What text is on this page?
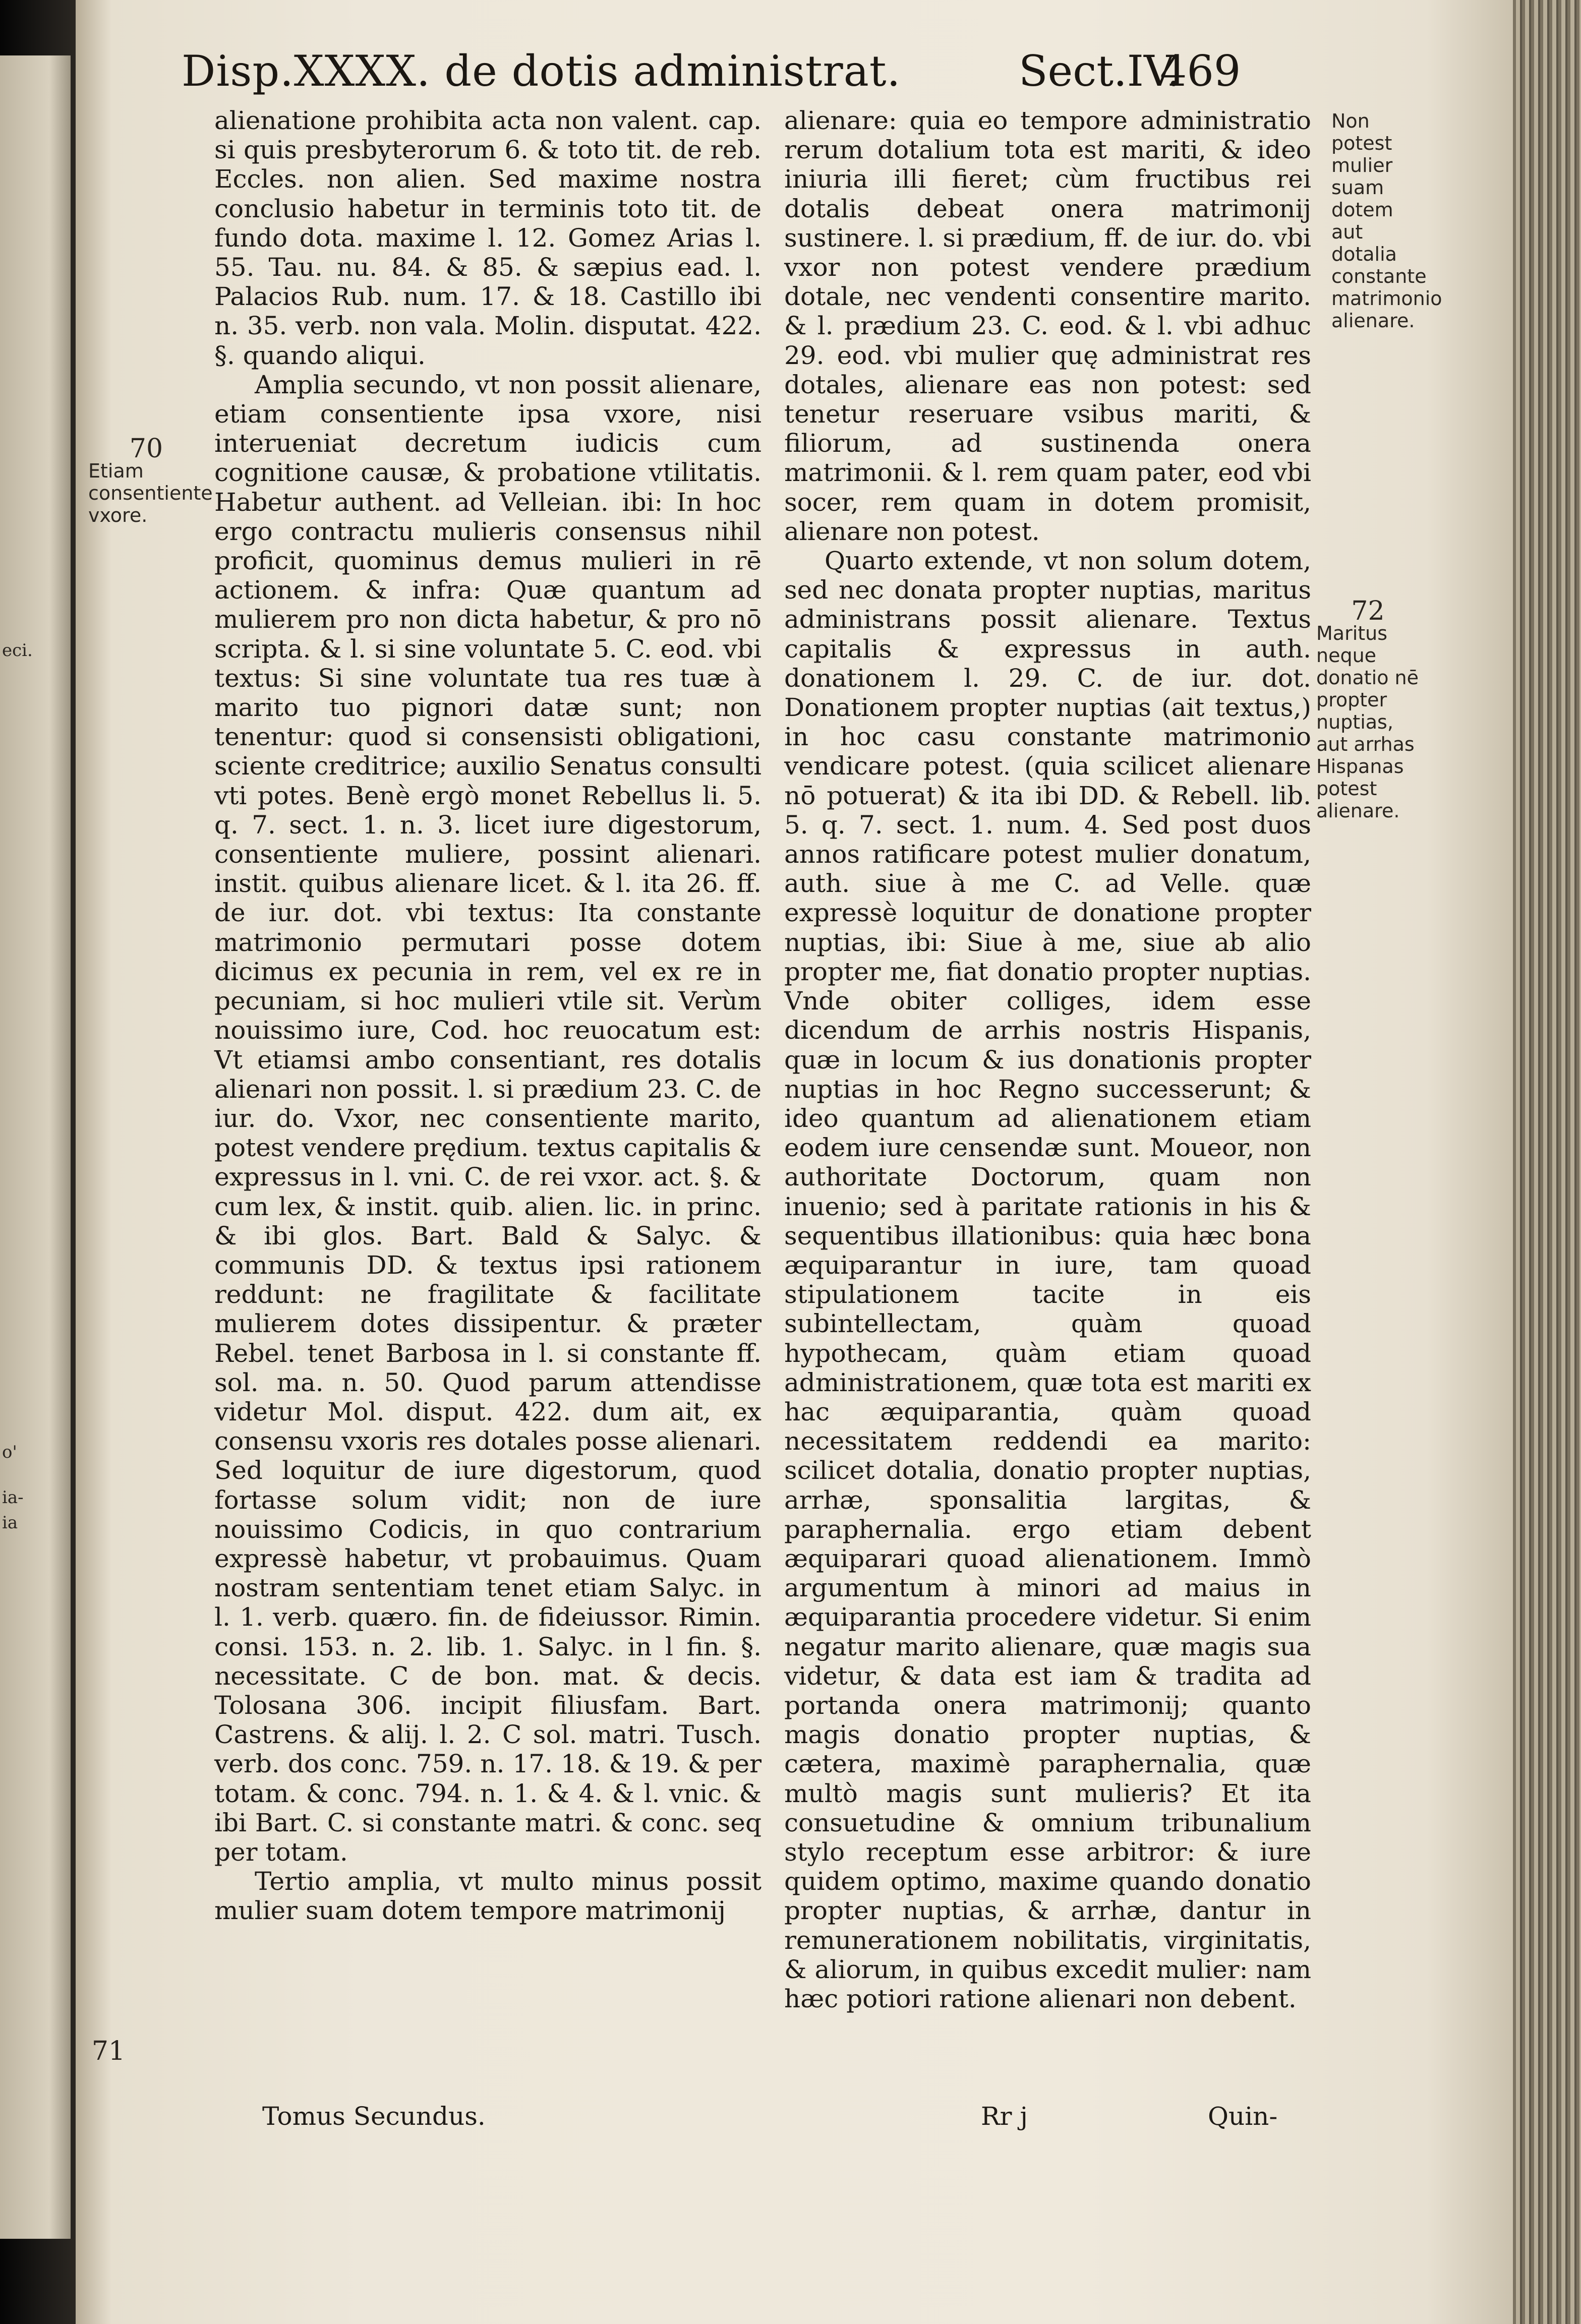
eci.
o'
ia-
ia
Disp.XXXX. de dotis administrat.	Sect.IV.
469
Non potest mulier suam dotem aut dotalia constante matrimonio alienare.
70
Etiam consentiente vxore.
72
Maritus neque donatio nē propter nuptias, aut arrhas Hispanas potest alienare.
71

alienatione prohibita acta non valent. cap. si quis presbyterorum 6. & toto tit. de reb. Eccles. non alien. Sed maxime nostra conclusio habetur in terminis toto tit. de fundo dota. maxime l. 12. Gomez Arias l. 55. Tau. nu. 84. & 85. & sæpius ead. l. Palacios Rub. num. 17. & 18. Castillo ibi n. 35. verb. non vala. Molin. disputat. 422. §. quando aliqui.

Amplia secundo, vt non possit alienare, etiam consentiente ipsa vxore, nisi interueniat decretum iudicis cum cognitione causæ, & probatione vtilitatis. Habetur authent. ad Velleian. ibi: In hoc ergo contractu mulieris consensus nihil proficit, quominus demus mulieri in rē actionem. & infra: Quæ quantum ad mulierem pro non dicta habetur, & pro nō scripta. & l. si sine voluntate 5. C. eod. vbi textus: Si sine voluntate tua res tuæ à marito tuo pignori datæ sunt; non tenentur: quod si consensisti obligationi, sciente creditrice; auxilio Senatus consulti vti potes. Benè ergò monet Rebellus li. 5. q. 7. sect. 1. n. 3. licet iure digestorum, consentiente muliere, possint alienari. instit. quibus alienare licet. & l. ita 26. ff. de iur. dot. vbi textus: Ita constante matrimonio permutari posse dotem dicimus ex pecunia in rem, vel ex re in pecuniam, si hoc mulieri vtile sit. Verùm nouissimo iure, Cod. hoc reuocatum est: Vt etiamsi ambo consentiant, res dotalis alienari non possit. l. si prædium 23. C. de iur. do. Vxor, nec consentiente marito, potest vendere prędium. textus capitalis & expressus in l. vni. C. de rei vxor. act. §. & cum lex, & instit. quib. alien. lic. in princ. & ibi glos. Bart. Bald & Salyc. & communis DD. & textus ipsi rationem reddunt: ne fragilitate & facilitate mulierem dotes dissipentur. & præter Rebel. tenet Barbosa in l. si constante ff. sol. ma. n. 50. Quod parum attendisse videtur Mol. disput. 422. dum ait, ex consensu vxoris res dotales posse alienari. Sed loquitur de iure digestorum, quod fortasse solum vidit; non de iure nouissimo Codicis, in quo contrarium expressè habetur, vt probauimus. Quam nostram sententiam tenet etiam Salyc. in l. 1. verb. quæro. fin. de fideiussor. Rimin. consi. 153. n. 2. lib. 1. Salyc. in l fin. §. necessitate. C de bon. mat. & decis. Tolosana 306. incipit filiusfam. Bart. Castrens. & alij. l. 2. C sol. matri. Tusch. verb. dos conc. 759. n. 17. 18. & 19. & per totam. & conc. 794. n. 1. & 4. & l. vnic. & ibi Bart. C. si constante matri. & conc. seq per totam.

Tertio amplia, vt multo minus possit mulier suam dotem tempore matrimonij

alienare: quia eo tempore administratio rerum dotalium tota est mariti, & ideo iniuria illi fieret; cùm fructibus rei dotalis debeat onera matrimonij sustinere. l. si prædium, ff. de iur. do. vbi vxor non potest vendere prædium dotale, nec vendenti consentire marito. & l. prædium 23. C. eod. & l. vbi adhuc 29. eod. vbi mulier quę administrat res dotales, alienare eas non potest: sed tenetur reseruare vsibus mariti, & filiorum, ad sustinenda onera matrimonii. & l. rem quam pater, eod vbi socer, rem quam in dotem promisit, alienare non potest.

Quarto extende, vt non solum dotem, sed nec donata propter nuptias, maritus administrans possit alienare. Textus capitalis & expressus in auth. donationem l. 29. C. de iur. dot. Donationem propter nuptias (ait textus,) in hoc casu constante matrimonio vendicare potest. (quia scilicet alienare nō potuerat) & ita ibi DD. & Rebell. lib. 5. q. 7. sect. 1. num. 4. Sed post duos annos ratificare potest mulier donatum, auth. siue à me C. ad Velle. quæ expressè loquitur de donatione propter nuptias, ibi: Siue à me, siue ab alio propter me, fiat donatio propter nuptias. Vnde obiter colliges, idem esse dicendum de arrhis nostris Hispanis, quæ in locum & ius donationis propter nuptias in hoc Regno successerunt; & ideo quantum ad alienationem etiam eodem iure censendæ sunt. Moueor, non authoritate Doctorum, quam non inuenio; sed à paritate rationis in his & sequentibus illationibus: quia hæc bona æquiparantur in iure, tam quoad stipulationem tacite in eis subintellectam, quàm quoad hypothecam, quàm etiam quoad administrationem, quæ tota est mariti ex hac æquiparantia, quàm quoad necessitatem reddendi ea marito: scilicet dotalia, donatio propter nuptias, arrhæ, sponsalitia largitas, & paraphernalia. ergo etiam debent æquiparari quoad alienationem. Immò argumentum à minori ad maius in æquiparantia procedere videtur. Si enim negatur marito alienare, quæ magis sua videtur, & data est iam & tradita ad portanda onera matrimonij; quanto magis donatio propter nuptias, & cætera, maximè paraphernalia, quæ multò magis sunt mulieris? Et ita consuetudine & omnium tribunalium stylo receptum esse arbitror: & iure quidem optimo, maxime quando donatio propter nuptias, & arrhæ, dantur in remunerationem nobilitatis, virginitatis, & aliorum, in quibus excedit mulier: nam hæc potiori ratione alienari non debent.

Tomus Secundus.	Rr j	Quin-
